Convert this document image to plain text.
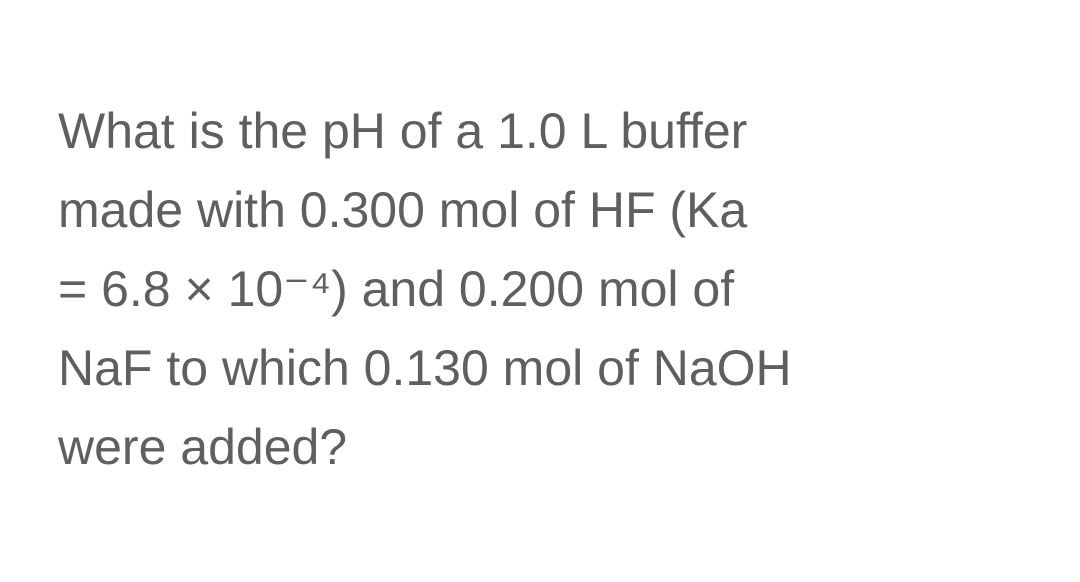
What is the pH of a 1.0 L buffer
made with 0.300 mol of HF (Ka
= 6.8 × 10⁻⁴) and 0.200 mol of
NaF to which 0.130 mol of NaOH
were added?
